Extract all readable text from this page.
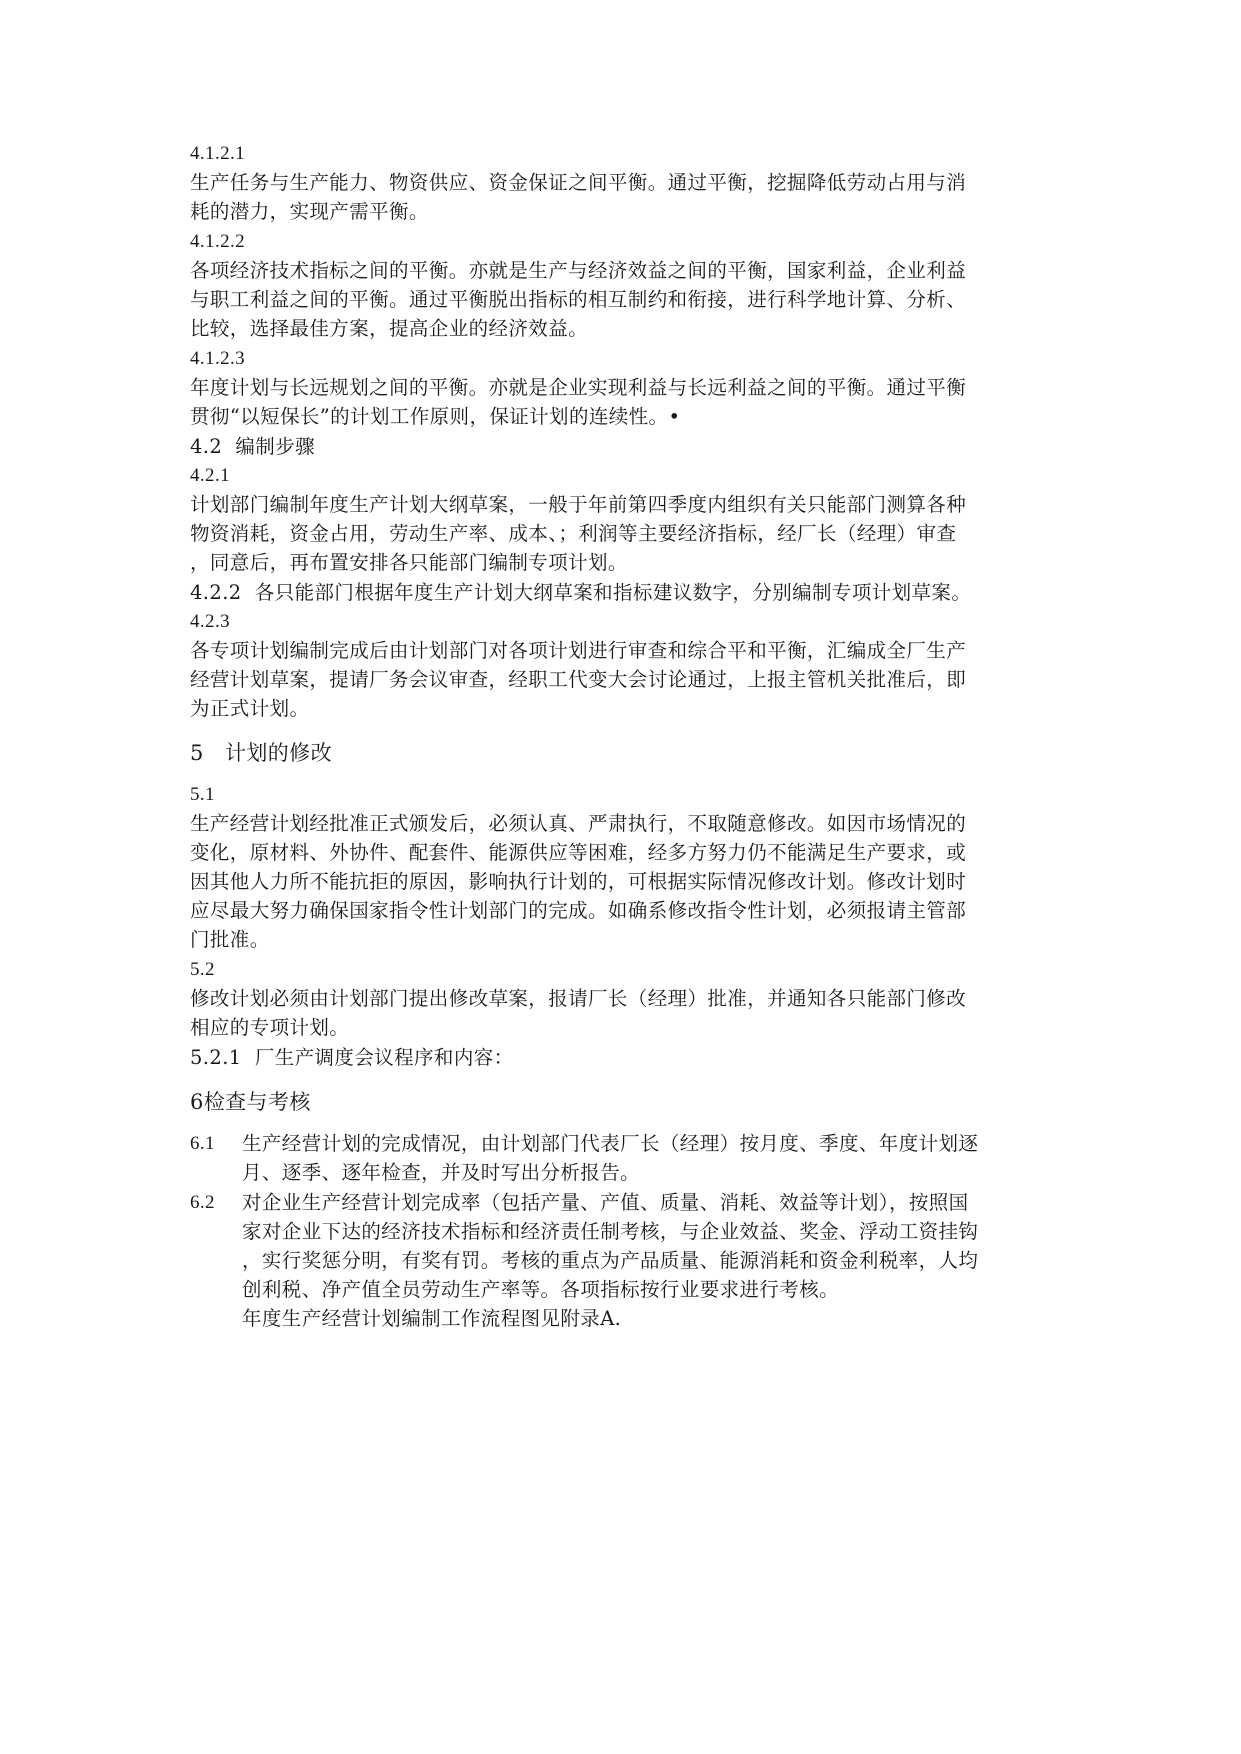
4.1.2.1
生产任务与生产能力、物资供应、资金保证之间平衡。通过平衡，挖掘降低劳动占用与消
耗的潜力，实现产需平衡。
4.1.2.2
各项经济技术指标之间的平衡。亦就是生产与经济效益之间的平衡，国家利益，企业利益
与职工利益之间的平衡。通过平衡脱出指标的相互制约和衔接，进行科学地计算、分析、
比较，选择最佳方案，提高企业的经济效益。
4.1.2.3
年度计划与长远规划之间的平衡。亦就是企业实现利益与长远利益之间的平衡。通过平衡
贯彻“以短保长”的计划工作原则，保证计划的连续性。•
4.2  编制步骤
4.2.1
计划部门编制年度生产计划大纲草案，一般于年前第四季度内组织有关只能部门测算各种
物资消耗，资金占用，劳动生产率、成本、；利润等主要经济指标，经厂长（经理）审查
，同意后，再布置安排各只能部门编制专项计划。
4.2.2  各只能部门根据年度生产计划大纲草案和指标建议数字，分别编制专项计划草案。
4.2.3
各专项计划编制完成后由计划部门对各项计划进行审查和综合平和平衡，汇编成全厂生产
经营计划草案，提请厂务会议审查，经职工代变大会讨论通过，上报主管机关批准后，即
为正式计划。
5   计划的修改
5.1
生产经营计划经批准正式颁发后，必须认真、严肃执行，不取随意修改。如因市场情况的
变化，原材料、外协件、配套件、能源供应等困难，经多方努力仍不能满足生产要求，或
因其他人力所不能抗拒的原因，影响执行计划的，可根据实际情况修改计划。修改计划时
应尽最大努力确保国家指令性计划部门的完成。如确系修改指令性计划，必须报请主管部
门批准。
5.2
修改计划必须由计划部门提出修改草案，报请厂长（经理）批准，并通知各只能部门修改
相应的专项计划。
5.2.1  厂生产调度会议程序和内容：
6检查与考核
6.1 生产经营计划的完成情况，由计划部门代表厂长（经理）按月度、季度、年度计划逐
月、逐季、逐年检查，并及时写出分析报告。
6.2 对企业生产经营计划完成率（包括产量、产值、质量、消耗、效益等计划），按照国
家对企业下达的经济技术指标和经济责任制考核，与企业效益、奖金、浮动工资挂钩
，实行奖惩分明，有奖有罚。考核的重点为产品质量、能源消耗和资金利税率，人均
创利税、净产值全员劳动生产率等。各项指标按行业要求进行考核。
年度生产经营计划编制工作流程图见附录A.
